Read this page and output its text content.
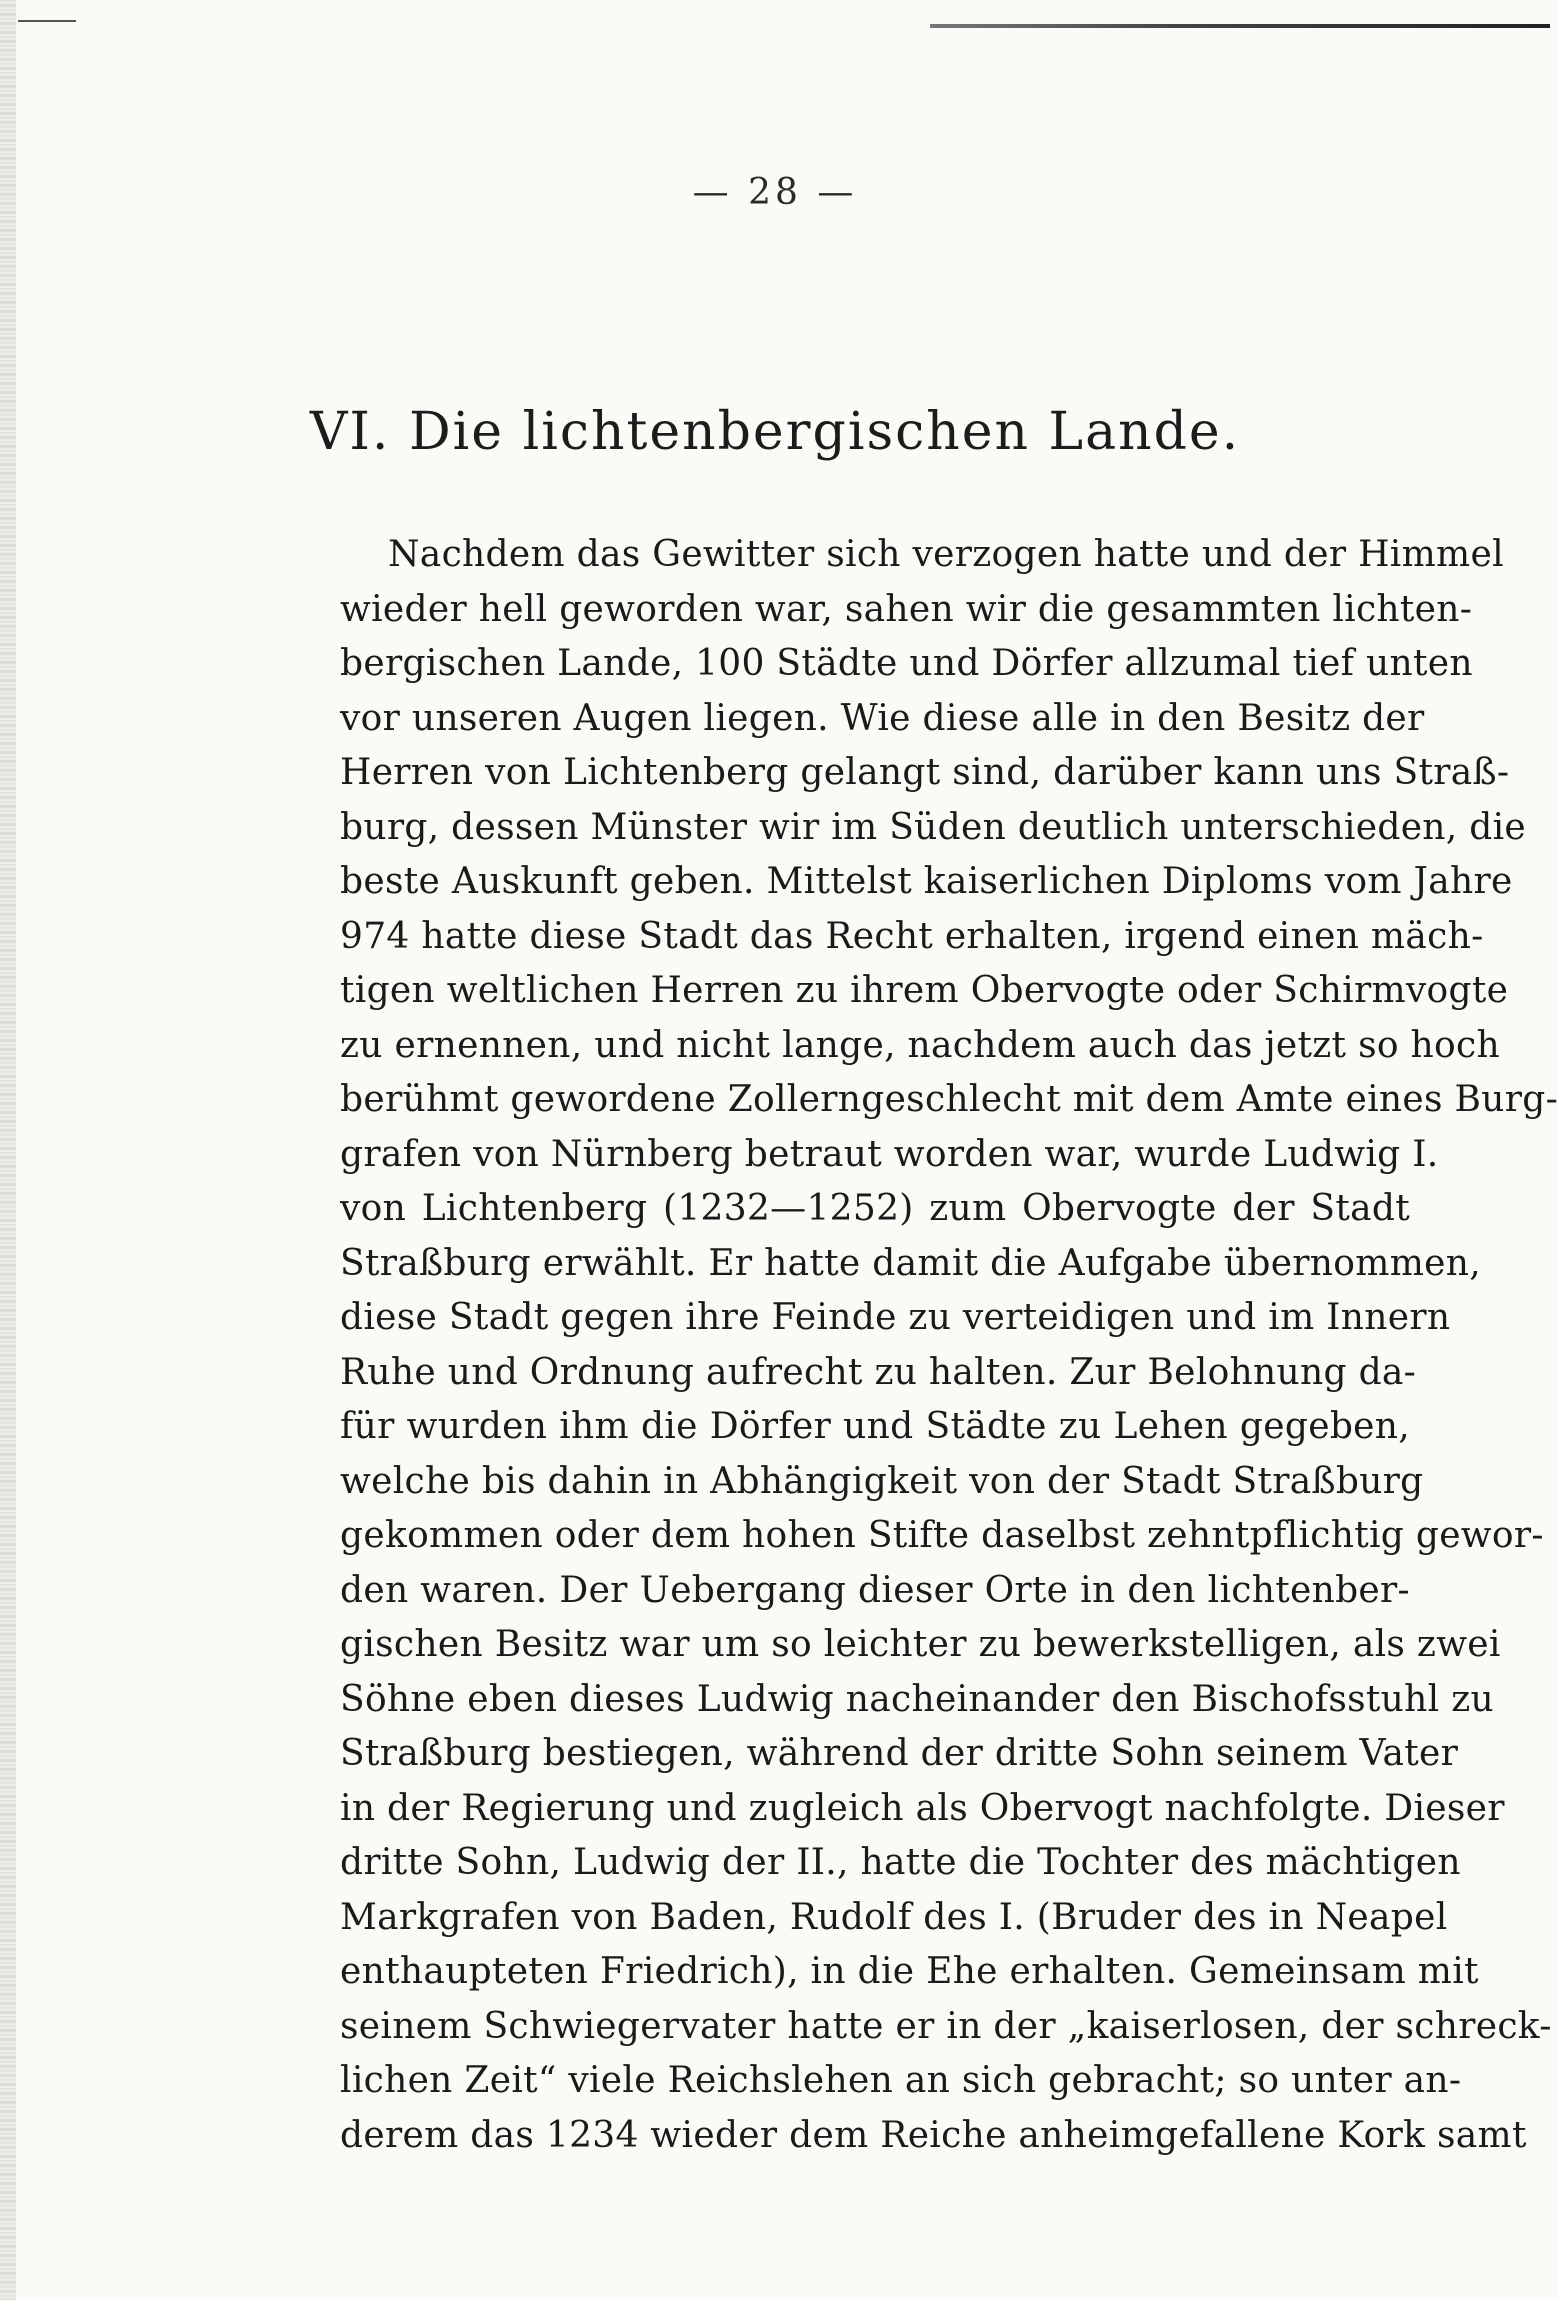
— 28 —
VI. Die lichtenbergischen Lande.
Nachdem das Gewitter sich verzogen hatte und der Himmel
wieder hell geworden war, sahen wir die gesammten lichten-
bergischen Lande, 100 Städte und Dörfer allzumal tief unten
vor unseren Augen liegen. Wie diese alle in den Besitz der
Herren von Lichtenberg gelangt sind, darüber kann uns Straß-
burg, dessen Münster wir im Süden deutlich unterschieden, die
beste Auskunft geben. Mittelst kaiserlichen Diploms vom Jahre
974 hatte diese Stadt das Recht erhalten, irgend einen mäch-
tigen weltlichen Herren zu ihrem Obervogte oder Schirmvogte
zu ernennen, und nicht lange, nachdem auch das jetzt so hoch
berühmt gewordene Zollerngeschlecht mit dem Amte eines Burg-
grafen von Nürnberg betraut worden war, wurde Ludwig I.
von Lichtenberg (1232—1252) zum Obervogte der Stadt
Straßburg erwählt. Er hatte damit die Aufgabe übernommen,
diese Stadt gegen ihre Feinde zu verteidigen und im Innern
Ruhe und Ordnung aufrecht zu halten. Zur Belohnung da-
für wurden ihm die Dörfer und Städte zu Lehen gegeben,
welche bis dahin in Abhängigkeit von der Stadt Straßburg
gekommen oder dem hohen Stifte daselbst zehntpflichtig gewor-
den waren. Der Uebergang dieser Orte in den lichtenber-
gischen Besitz war um so leichter zu bewerkstelligen, als zwei
Söhne eben dieses Ludwig nacheinander den Bischofsstuhl zu
Straßburg bestiegen, während der dritte Sohn seinem Vater
in der Regierung und zugleich als Obervogt nachfolgte. Dieser
dritte Sohn, Ludwig der II., hatte die Tochter des mächtigen
Markgrafen von Baden, Rudolf des I. (Bruder des in Neapel
enthaupteten Friedrich), in die Ehe erhalten. Gemeinsam mit
seinem Schwiegervater hatte er in der „kaiserlosen, der schreck-
lichen Zeit“ viele Reichslehen an sich gebracht; so unter an-
derem das 1234 wieder dem Reiche anheimgefallene Kork samt
